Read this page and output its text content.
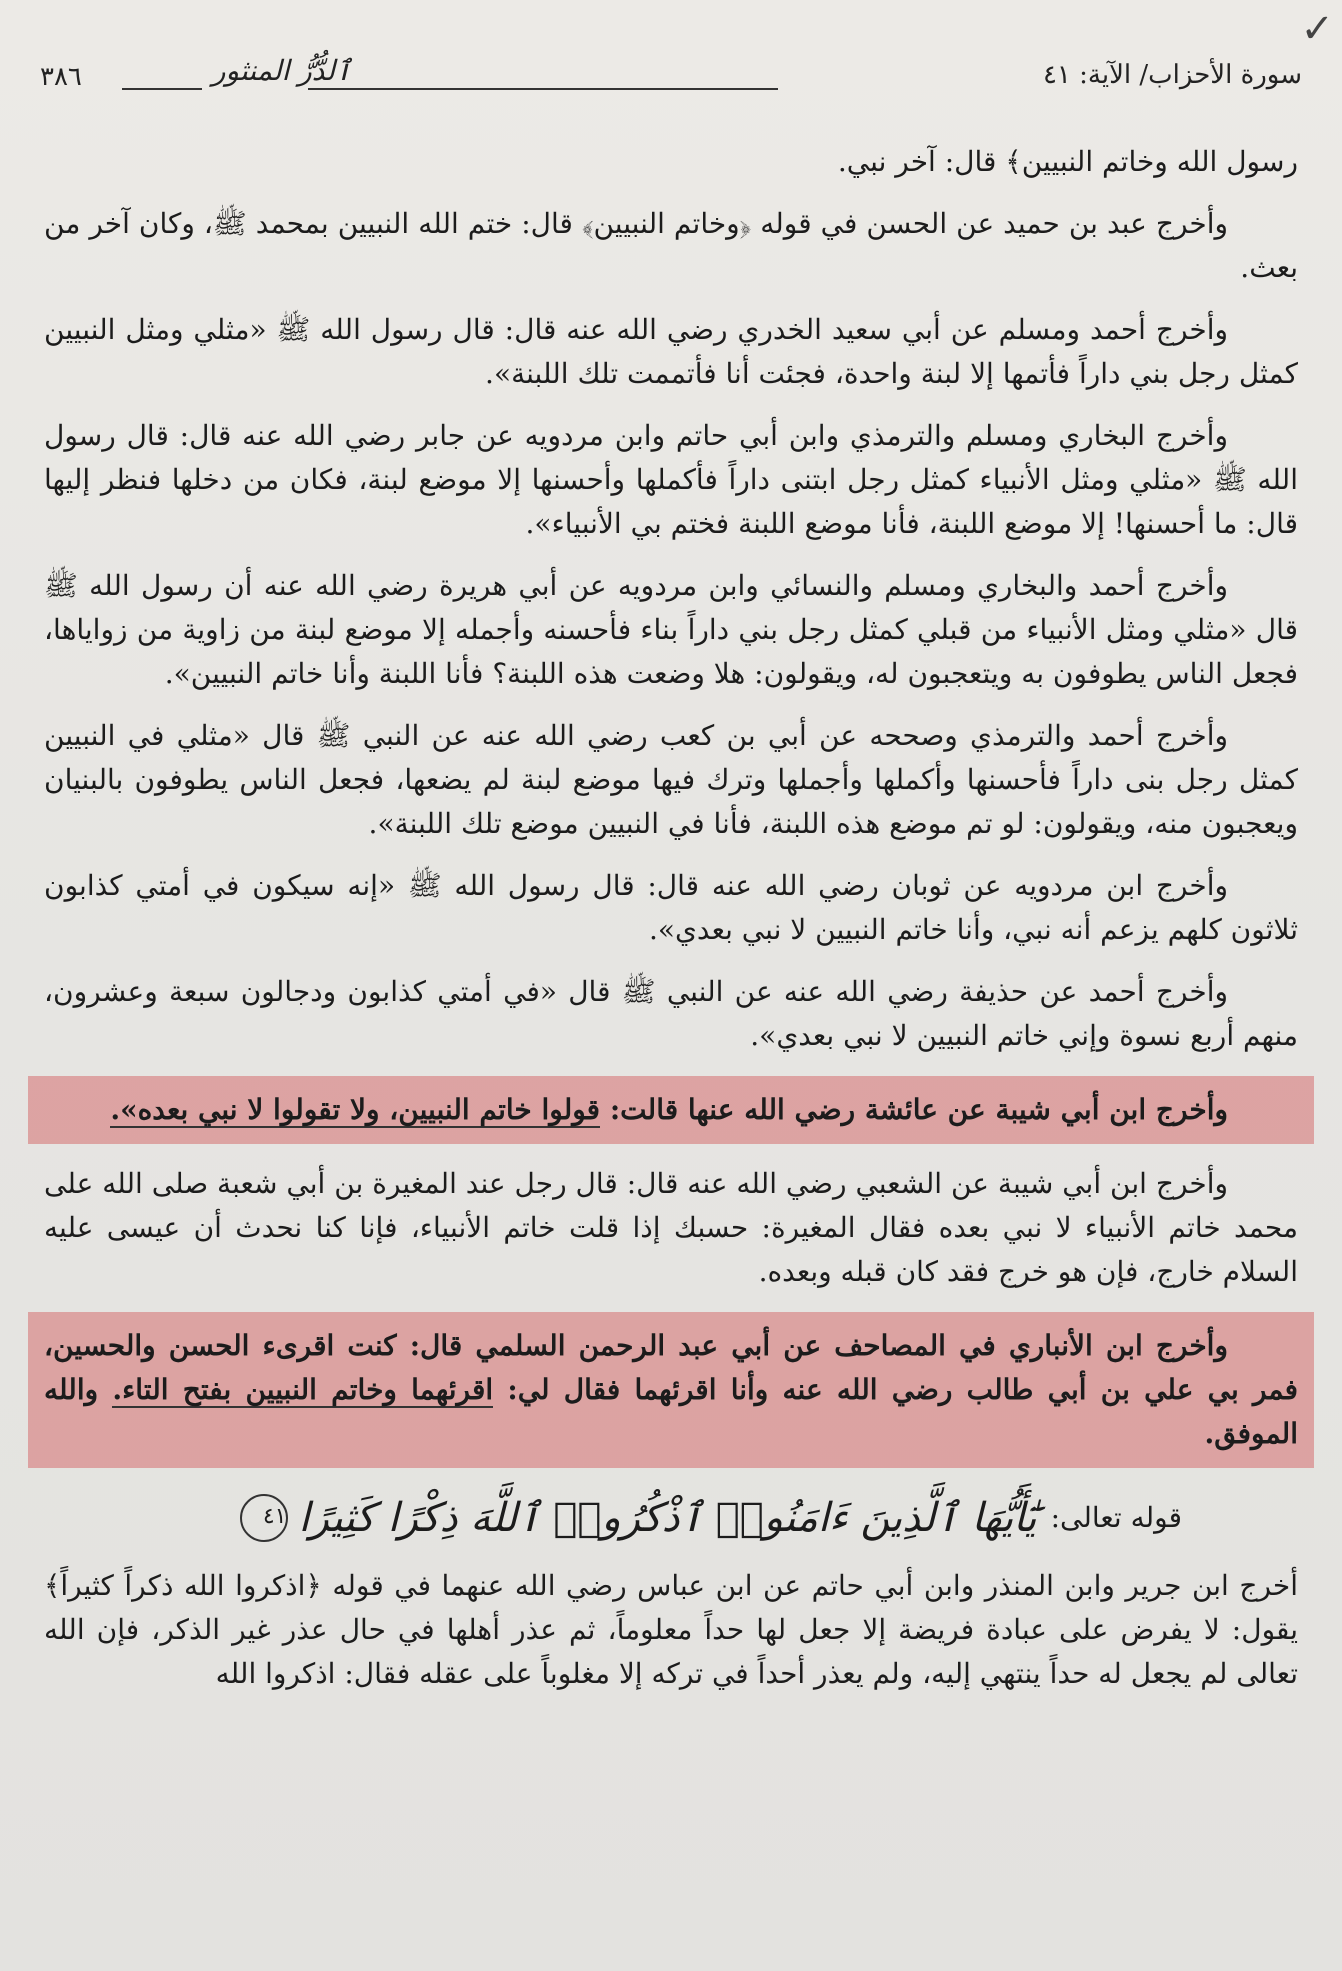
✓
٣٨٦	ٱلدُّرُّ المنثور	سورة الأحزاب/ الآية: ٤١

رسول الله وخاتم النبيين﴾ قال: آخر نبي.

وأخرج عبد بن حميد عن الحسن في قوله ﴿وخاتم النبيين﴾ قال: ختم الله النبيين بمحمد ﷺ، وكان آخر من بعث.

وأخرج أحمد ومسلم عن أبي سعيد الخدري رضي الله عنه قال: قال رسول الله ﷺ «مثلي ومثل النبيين كمثل رجل بني داراً فأتمها إلا لبنة واحدة، فجئت أنا فأتممت تلك اللبنة».

وأخرج البخاري ومسلم والترمذي وابن أبي حاتم وابن مردويه عن جابر رضي الله عنه قال: قال رسول الله ﷺ «مثلي ومثل الأنبياء كمثل رجل ابتنى داراً فأكملها وأحسنها إلا موضع لبنة، فكان من دخلها فنظر إليها قال: ما أحسنها! إلا موضع اللبنة، فأنا موضع اللبنة فختم بي الأنبياء».

وأخرج أحمد والبخاري ومسلم والنسائي وابن مردويه عن أبي هريرة رضي الله عنه أن رسول الله ﷺ قال «مثلي ومثل الأنبياء من قبلي كمثل رجل بني داراً بناء فأحسنه وأجمله إلا موضع لبنة من زاوية من زواياها، فجعل الناس يطوفون به ويتعجبون له، ويقولون: هلا وضعت هذه اللبنة؟ فأنا اللبنة وأنا خاتم النبيين».

وأخرج أحمد والترمذي وصححه عن أبي بن كعب رضي الله عنه عن النبي ﷺ قال «مثلي في النبيين كمثل رجل بنى داراً فأحسنها وأكملها وأجملها وترك فيها موضع لبنة لم يضعها، فجعل الناس يطوفون بالبنيان ويعجبون منه، ويقولون: لو تم موضع هذه اللبنة، فأنا في النبيين موضع تلك اللبنة».

وأخرج ابن مردويه عن ثوبان رضي الله عنه قال: قال رسول الله ﷺ «إنه سيكون في أمتي كذابون ثلاثون كلهم يزعم أنه نبي، وأنا خاتم النبيين لا نبي بعدي».

وأخرج أحمد عن حذيفة رضي الله عنه عن النبي ﷺ قال «في أمتي كذابون ودجالون سبعة وعشرون، منهم أربع نسوة وإني خاتم النبيين لا نبي بعدي».

وأخرج ابن أبي شيبة عن عائشة رضي الله عنها قالت: قولوا خاتم النبيين، ولا تقولوا لا نبي بعده».

وأخرج ابن أبي شيبة عن الشعبي رضي الله عنه قال: قال رجل عند المغيرة بن أبي شعبة صلى الله على محمد خاتم الأنبياء لا نبي بعده فقال المغيرة: حسبك إذا قلت خاتم الأنبياء، فإنا كنا نحدث أن عيسى عليه السلام خارج، فإن هو خرج فقد كان قبله وبعده.

وأخرج ابن الأنباري في المصاحف عن أبي عبد الرحمن السلمي قال: كنت اقرىء الحسن والحسين، فمر بي علي بن أبي طالب رضي الله عنه وأنا اقرئهما فقال لي: اقرئهما وخاتم النبيين بفتح التاء. والله الموفق.

قوله تعالى:
يَٰٓأَيُّهَا ٱلَّذِينَ ءَامَنُوا۟ ٱذْكُرُوا۟ ٱللَّهَ ذِكْرًا كَثِيرًا
٤١

أخرج ابن جرير وابن المنذر وابن أبي حاتم عن ابن عباس رضي الله عنهما في قوله ﴿اذكروا الله ذكراً كثيراً﴾ يقول: لا يفرض على عبادة فريضة إلا جعل لها حداً معلوماً، ثم عذر أهلها في حال عذر غير الذكر، فإن الله تعالى لم يجعل له حداً ينتهي إليه، ولم يعذر أحداً في تركه إلا مغلوباً على عقله فقال: اذكروا الله
